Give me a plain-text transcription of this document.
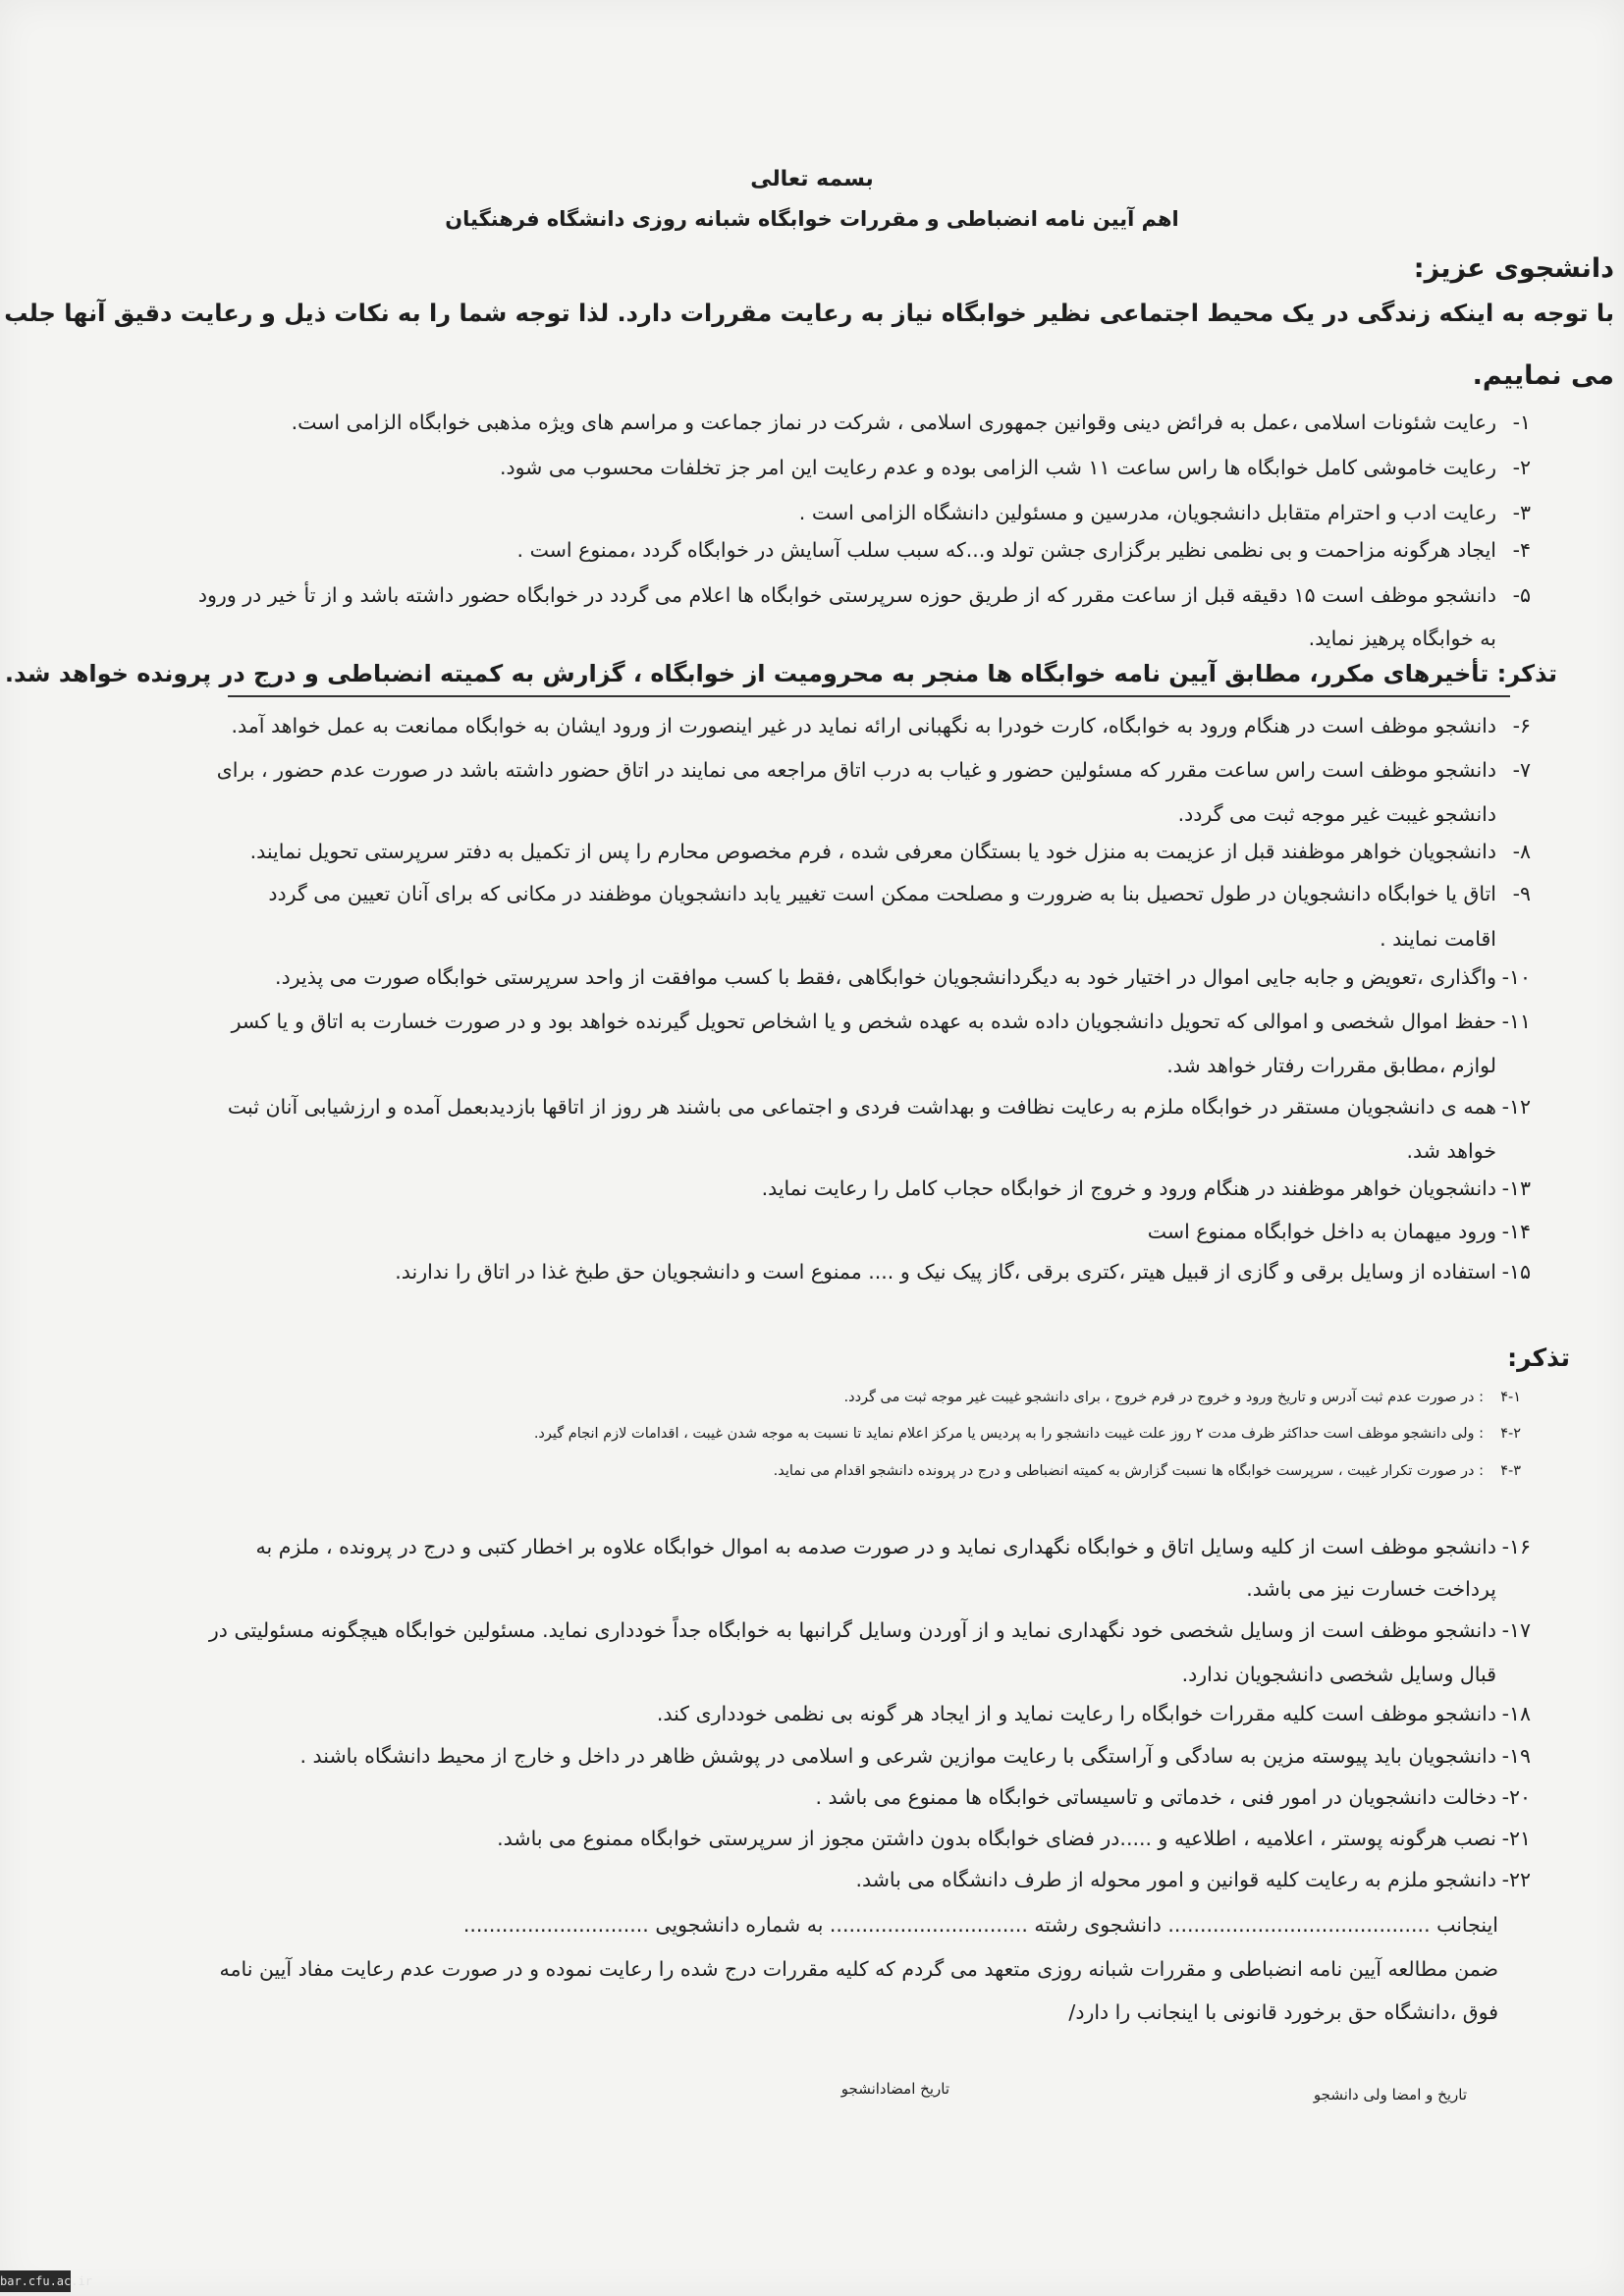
بسمه تعالی
اهم آیین نامه انضباطی و مقررات خوابگاه شبانه روزی دانشگاه فرهنگیان
دانشجوی عزیز:
با توجه به اینکه زندگی در یک محیط اجتماعی نظیر خوابگاه نیاز به رعایت مقررات دارد. لذا توجه شما را به نکات ذیل و رعایت دقیق آنها جلب
می نماییم.
۱-
رعایت شئونات اسلامی ،عمل به فرائض دینی وقوانین جمهوری اسلامی ، شرکت در نماز جماعت و مراسم های ویژه مذهبی خوابگاه الزامی است.
۲-
رعایت خاموشی کامل خوابگاه ها راس ساعت ۱۱ شب الزامی بوده و عدم رعایت این امر جز تخلفات محسوب می شود.
۳-
رعایت ادب و احترام متقابل دانشجویان، مدرسین و مسئولین دانشگاه الزامی است .
۴-
ایجاد هرگونه مزاحمت و بی نظمی نظیر برگزاری جشن تولد و...که سبب سلب آسایش در خوابگاه گردد ،ممنوع است .
۵-
دانشجو موظف است ۱۵ دقیقه قبل از ساعت مقرر که از طریق حوزه سرپرستی خوابگاه ها اعلام می گردد در خوابگاه حضور داشته باشد و از تأ خیر در ورود
به خوابگاه پرهیز نماید.
تذکر: تأخیرهای مکرر، مطابق آیین نامه خوابگاه ها منجر به محرومیت از خوابگاه ، گزارش به کمیته انضباطی و درج در پرونده خواهد شد.
۶-
دانشجو موظف است در هنگام ورود به خوابگاه، کارت خودرا به نگهبانی ارائه نماید در غیر اینصورت از ورود ایشان به خوابگاه ممانعت به عمل خواهد آمد.
۷-
دانشجو موظف است راس ساعت مقرر که مسئولین حضور و غیاب به درب اتاق مراجعه می نمایند در اتاق حضور داشته باشد در صورت عدم حضور ، برای
دانشجو غیبت غیر موجه ثبت می گردد.
۸-
دانشجویان خواهر موظفند قبل از عزیمت به منزل خود یا بستگان معرفی شده ، فرم مخصوص محارم را پس از تکمیل به دفتر سرپرستی تحویل نمایند.
۹-
اتاق یا خوابگاه دانشجویان در طول تحصیل بنا به ضرورت و مصلحت ممکن است تغییر یابد دانشجویان موظفند در مکانی که برای آنان تعیین می گردد
اقامت نمایند .
۱۰-
واگذاری ،تعویض و جابه جایی اموال در اختیار خود به دیگردانشجویان خوابگاهی ،فقط با کسب موافقت از واحد سرپرستی خوابگاه صورت می پذیرد.
۱۱-
حفظ اموال شخصی و اموالی که تحویل دانشجویان داده شده به عهده شخص و یا اشخاص تحویل گیرنده خواهد بود و در صورت خسارت به اتاق و یا کسر
لوازم ،مطابق مقررات رفتار خواهد شد.
۱۲-
همه ی دانشجویان مستقر در خوابگاه ملزم به رعایت نظافت و بهداشت فردی و اجتماعی می باشند هر روز از اتاقها بازدیدبعمل آمده و ارزشیابی آنان ثبت
خواهد شد.
۱۳-
دانشجویان خواهر موظفند در هنگام ورود و خروج از خوابگاه حجاب کامل را رعایت نماید.
۱۴-
ورود میهمان به داخل خوابگاه ممنوع است
۱۵-
استفاده از وسایل برقی و گازی از قبیل هیتر ،کتری برقی ،گاز پیک نیک و .... ممنوع است و دانشجویان حق طبخ غذا در اتاق را ندارند.
تذکر:
۴-۱
: در صورت عدم ثبت آدرس و تاریخ ورود و خروج در فرم خروج ، برای دانشجو غیبت غیر موجه ثبت می گردد.
۴-۲
: ولی دانشجو موظف است حداکثر ظرف مدت ۲ روز علت غیبت دانشجو را به پردیس یا مرکز اعلام نماید تا نسبت به موجه شدن غیبت ، اقدامات لازم انجام گیرد.
۴-۳
: در صورت تکرار غیبت ، سرپرست خوابگاه ها نسبت گزارش به کمیته انضباطی و درج در پرونده دانشجو اقدام می نماید.
۱۶-
دانشجو موظف است از کلیه وسایل اتاق و خوابگاه نگهداری نماید و در صورت صدمه به اموال خوابگاه علاوه بر اخطار کتبی و درج در پرونده ، ملزم به
پرداخت خسارت نیز می باشد.
۱۷-
دانشجو موظف است از وسایل شخصی خود نگهداری نماید و از آوردن وسایل گرانبها به خوابگاه جداً خودداری نماید. مسئولین خوابگاه هیچگونه مسئولیتی در
قبال وسایل شخصی دانشجویان ندارد.
۱۸-
دانشجو موظف است کلیه مقررات خوابگاه را رعایت نماید و از ایجاد هر گونه بی نظمی خودداری کند.
۱۹-
دانشجویان باید پیوسته مزین به سادگی و آراستگی با رعایت موازین شرعی و اسلامی در پوشش ظاهر در داخل و خارج از محیط دانشگاه باشند .
۲۰-
دخالت دانشجویان در امور فنی ، خدماتی و تاسیساتی خوابگاه ها ممنوع می باشد .
۲۱-
نصب هرگونه پوستر ، اعلامیه ، اطلاعیه و .....در فضای خوابگاه بدون داشتن مجوز از سرپرستی خوابگاه ممنوع می باشد.
۲۲-
دانشجو ملزم به رعایت کلیه قوانین و امور محوله از طرف دانشگاه می باشد.
اینجانب ......................................... دانشجوی رشته ............................... به شماره دانشجویی .............................
ضمن مطالعه آیین نامه انضباطی و مقررات شبانه روزی متعهد می گردم که کلیه مقررات درج شده را رعایت نموده و در صورت عدم رعایت مفاد آیین نامه
فوق ،دانشگاه حق برخورد قانونی با اینجانب را دارد/
تاریخ و امضا ولی دانشجو
تاریخ امضادانشجو
bar.cfu.ac.ir
